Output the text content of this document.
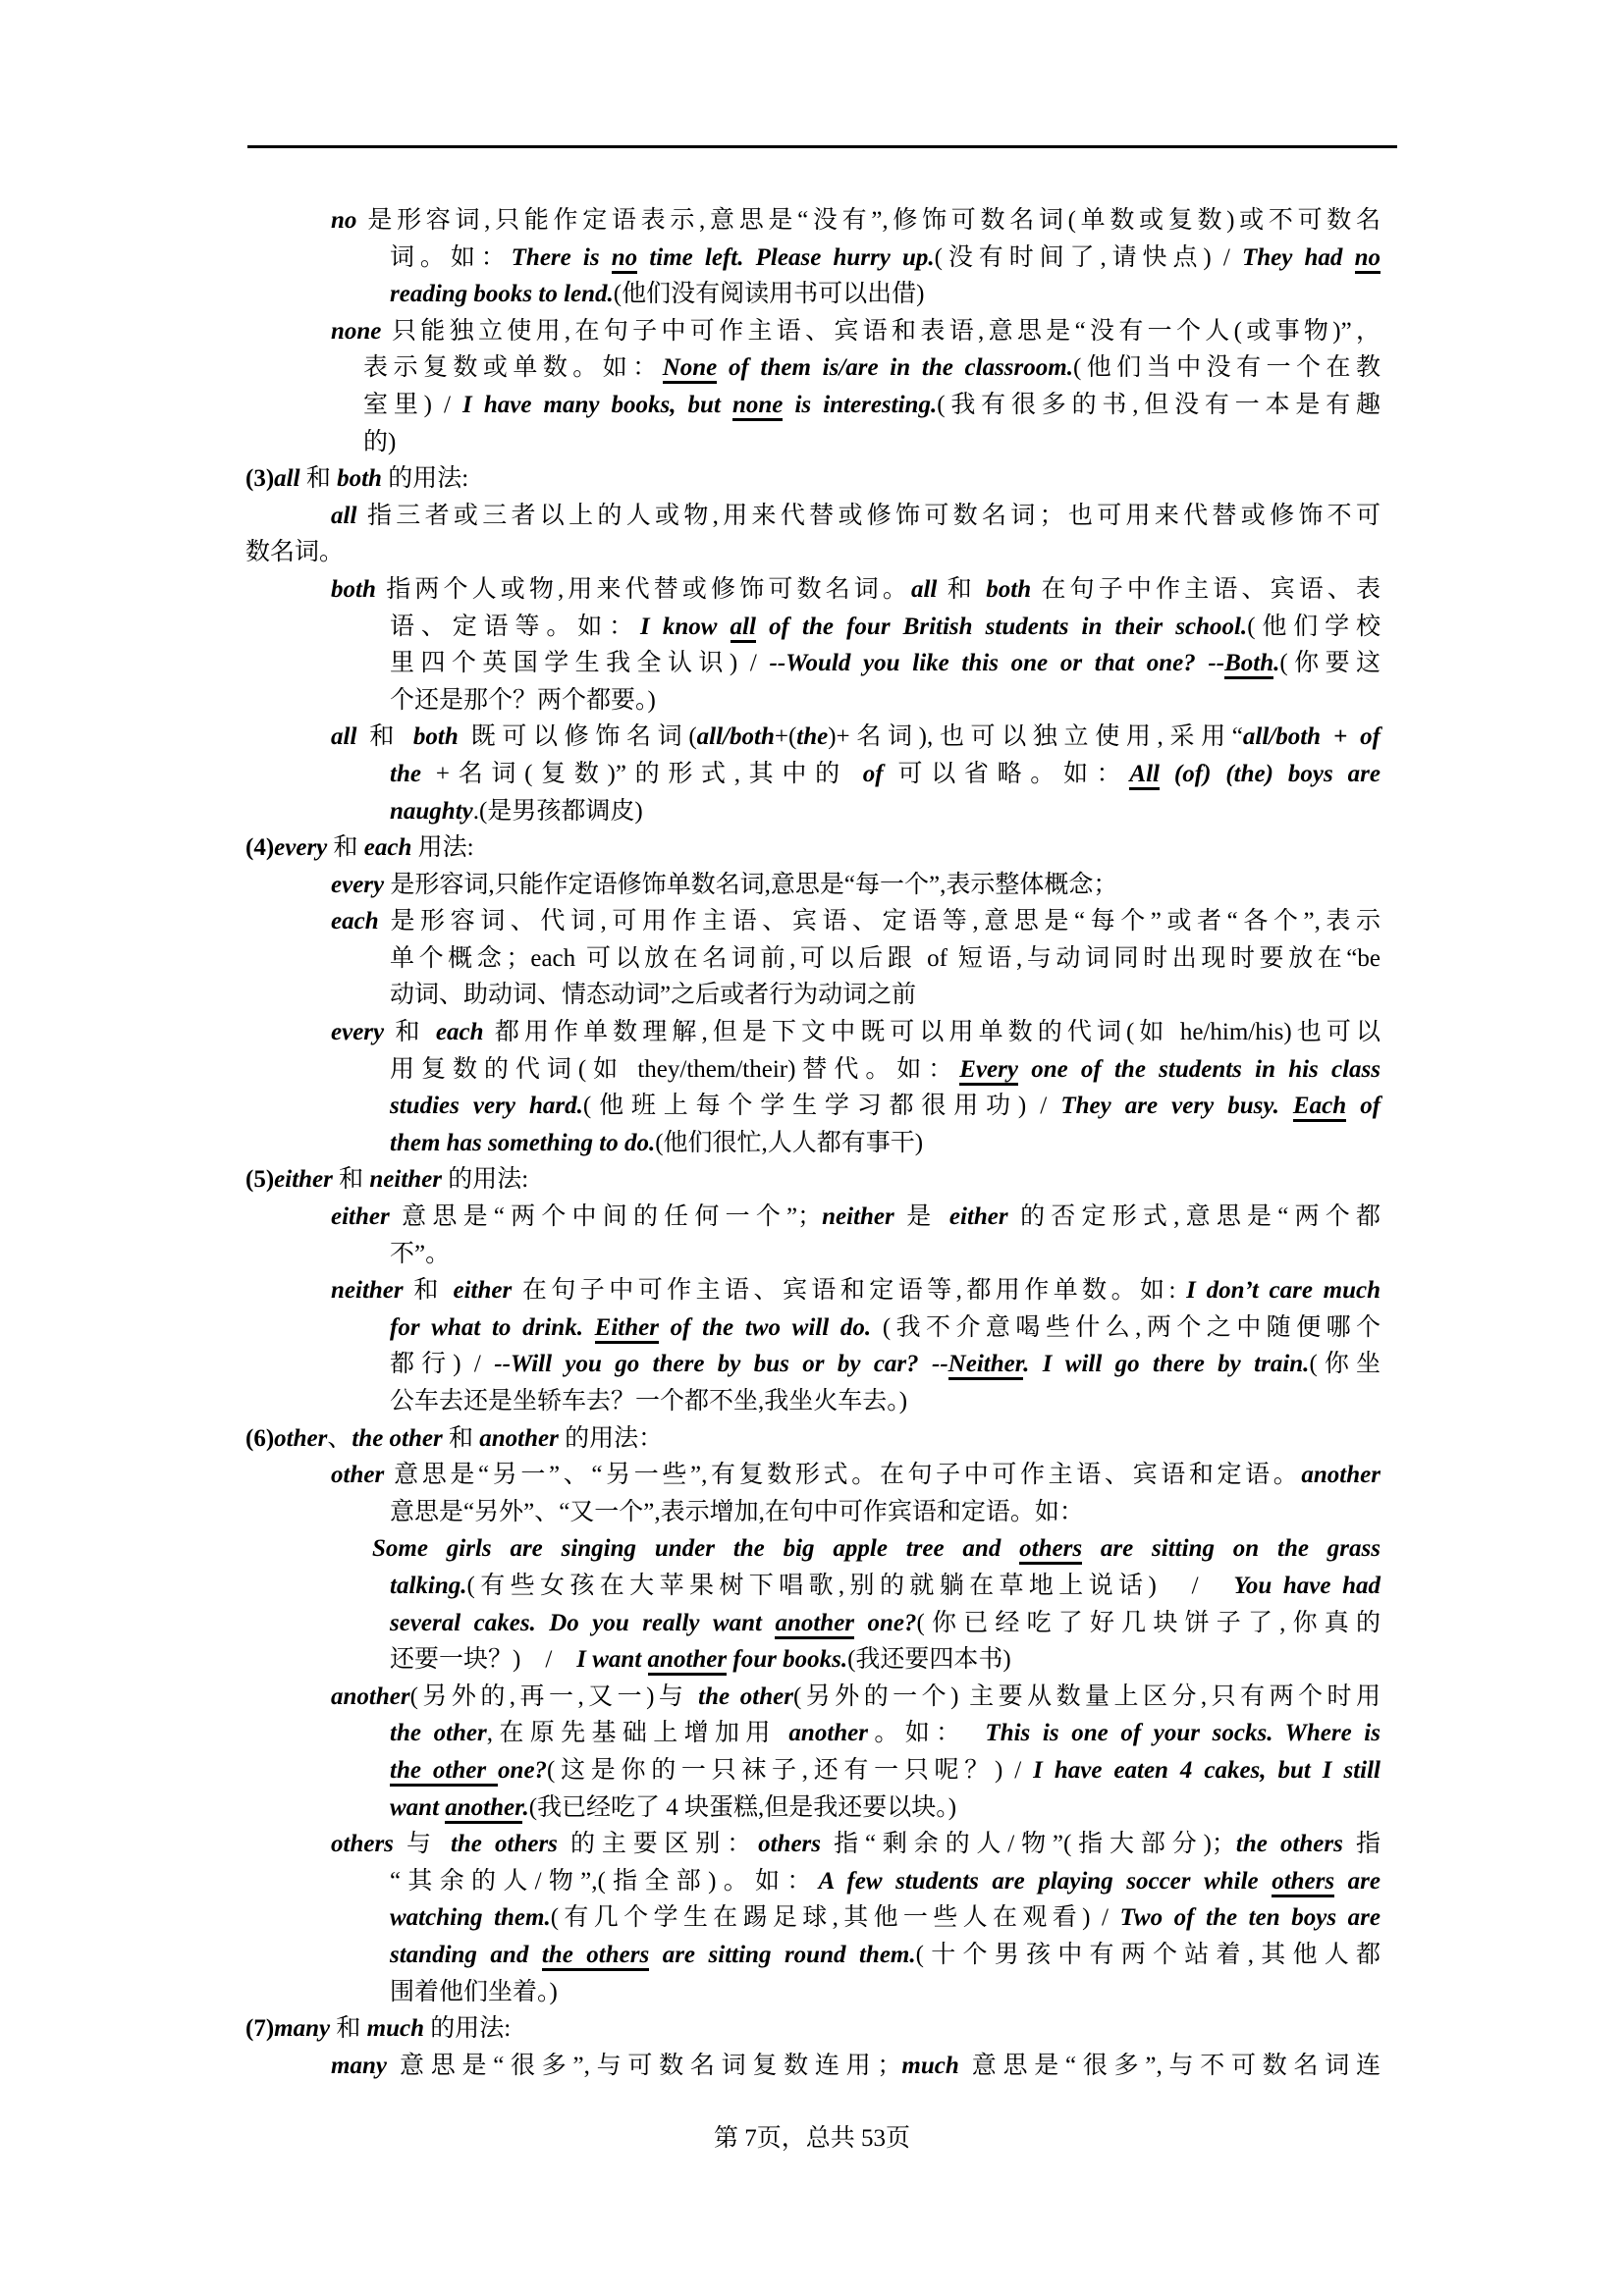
no 是形容词,只能作定语表示,意思是“没有”,修饰可数名词(单数或复数)或不可数名
词。如：There is no time left. Please hurry up.(没有时间了,请快点) / They had no
reading books to lend.(他们没有阅读用书可以出借)
none 只能独立使用,在句子中可作主语、宾语和表语,意思是“没有一个人(或事物)”，
表示复数或单数。如：None of them is/are in the classroom.(他们当中没有一个在教
室里) / I have many books, but none is interesting.(我有很多的书,但没有一本是有趣
的)
(3)all 和 both 的用法:
all 指三者或三者以上的人或物,用来代替或修饰可数名词；也可用来代替或修饰不可
数名词。
both 指两个人或物,用来代替或修饰可数名词。all 和 both 在句子中作主语、宾语、表
语、定语等。如：I know all of the four British students in their school.(他们学校
里四个英国学生我全认识) / --Would you like this one or that one? --Both.(你要这
个还是那个？两个都要。)
all 和 both 既可以修饰名词(all/both+(the)+名词),也可以独立使用,采用“all/both + of
the +名词(复数)”的形式,其中的 of 可以省略。如：All (of) (the) boys are
naughty.(是男孩都调皮)
(4)every 和 each 用法:
every 是形容词,只能作定语修饰单数名词,意思是“每一个”,表示整体概念；
each 是形容词、代词,可用作主语、宾语、定语等,意思是“每个”或者“各个”,表示
单个概念；each 可以放在名词前,可以后跟 of 短语,与动词同时出现时要放在“be
动词、助动词、情态动词”之后或者行为动词之前
every 和 each 都用作单数理解,但是下文中既可以用单数的代词(如 he/him/his)也可以
用复数的代词(如 they/them/their)替代。如：Every one of the students in his class
studies very hard.(他班上每个学生学习都很用功) / They are very busy. Each of
them has something to do.(他们很忙,人人都有事干)
(5)either 和 neither 的用法:
either 意思是“两个中间的任何一个”；neither 是 either 的否定形式,意思是“两个都
不”。
neither 和 either 在句子中可作主语、宾语和定语等,都用作单数。如: I don’t care much
for what to drink. Either of the two will do. (我不介意喝些什么,两个之中随便哪个
都行) / --Will you go there by bus or by car? --Neither. I will go there by train.(你坐
公车去还是坐轿车去？一个都不坐,我坐火车去。)
(6)other、the other 和 another 的用法：
other 意思是“另一”、“另一些”,有复数形式。在句子中可作主语、宾语和定语。another
意思是“另外”、“又一个”,表示增加,在句中可作宾语和定语。如：
Some girls are singing under the big apple tree and others are sitting on the grass
talking.(有些女孩在大苹果树下唱歌,别的就躺在草地上说话)　/　You have had
several cakes. Do you really want another one?(你已经吃了好几块饼子了,你真的
还要一块？)　/　I want another four books.(我还要四本书)
another(另外的,再一,又一)与 the other(另外的一个) 主要从数量上区分,只有两个时用
the other,在原先基础上增加用 another。如：　This is one of your socks. Where is
the other one?(这是你的一只袜子,还有一只呢？) / I have eaten 4 cakes, but I still
want another.(我已经吃了 4 块蛋糕,但是我还要以块。)
others 与 the others 的主要区别：others 指“剩余的人/物”(指大部分)；the others 指
“其余的人/物”,(指全部)。如：A few students are playing soccer while others are
watching them.(有几个学生在踢足球,其他一些人在观看) / Two of the ten boys are
standing and the others are sitting round them.(十个男孩中有两个站着,其他人都
围着他们坐着。)
(7)many 和 much 的用法:
many 意思是“很多”,与可数名词复数连用；much 意思是“很多”,与不可数名词连
第 7页，总共 53页
